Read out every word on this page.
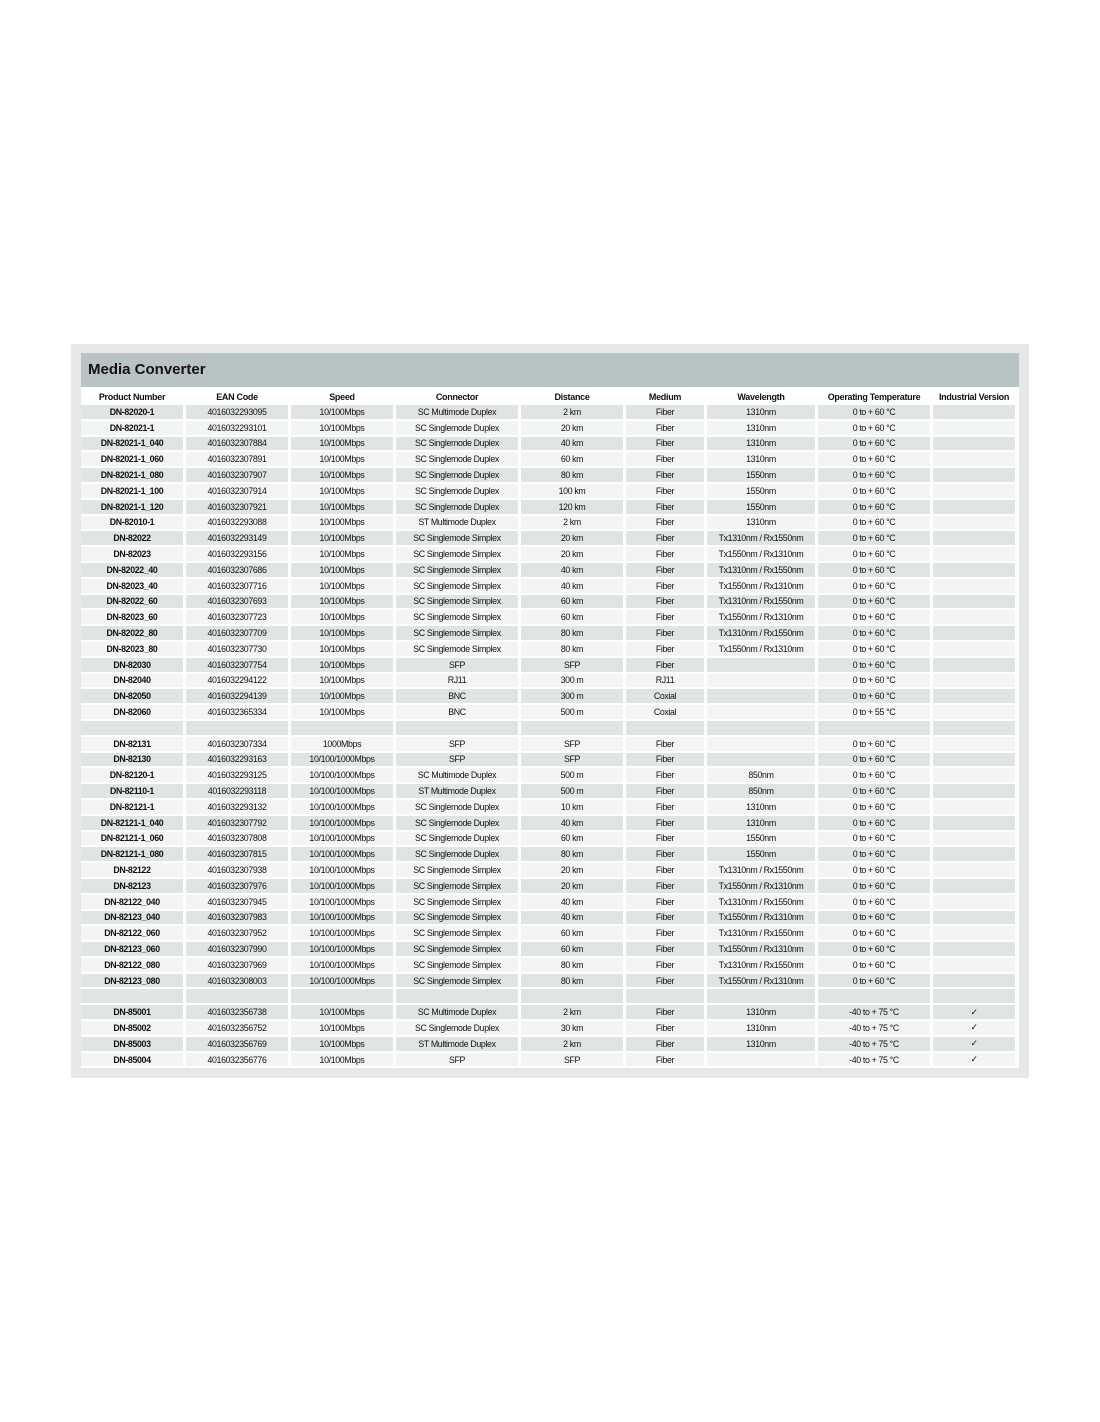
Media Converter
Product Number	EAN Code	Speed	Connector	Distance	Medium	Wavelength	Operating Temperature	Industrial Version
DN-82020-1	4016032293095	10/100Mbps	SC Multimode Duplex	2 km	Fiber	1310nm	0 to + 60 °C	
DN-82021-1	4016032293101	10/100Mbps	SC Singlemode Duplex	20 km	Fiber	1310nm	0 to + 60 °C	
DN-82021-1_040	4016032307884	10/100Mbps	SC Singlemode Duplex	40 km	Fiber	1310nm	0 to + 60 °C	
DN-82021-1_060	4016032307891	10/100Mbps	SC Singlemode Duplex	60 km	Fiber	1310nm	0 to + 60 °C	
DN-82021-1_080	4016032307907	10/100Mbps	SC Singlemode Duplex	80 km	Fiber	1550nm	0 to + 60 °C	
DN-82021-1_100	4016032307914	10/100Mbps	SC Singlemode Duplex	100 km	Fiber	1550nm	0 to + 60 °C	
DN-82021-1_120	4016032307921	10/100Mbps	SC Singlemode Duplex	120 km	Fiber	1550nm	0 to + 60 °C	
DN-82010-1	4016032293088	10/100Mbps	ST Multimode Duplex	2 km	Fiber	1310nm	0 to + 60 °C	
DN-82022	4016032293149	10/100Mbps	SC Singlemode Simplex	20 km	Fiber	Tx1310nm / Rx1550nm	0 to + 60 °C	
DN-82023	4016032293156	10/100Mbps	SC Singlemode Simplex	20 km	Fiber	Tx1550nm / Rx1310nm	0 to + 60 °C	
DN-82022_40	4016032307686	10/100Mbps	SC Singlemode Simplex	40 km	Fiber	Tx1310nm / Rx1550nm	0 to + 60 °C	
DN-82023_40	4016032307716	10/100Mbps	SC Singlemode Simplex	40 km	Fiber	Tx1550nm / Rx1310nm	0 to + 60 °C	
DN-82022_60	4016032307693	10/100Mbps	SC Singlemode Simplex	60 km	Fiber	Tx1310nm / Rx1550nm	0 to + 60 °C	
DN-82023_60	4016032307723	10/100Mbps	SC Singlemode Simplex	60 km	Fiber	Tx1550nm / Rx1310nm	0 to + 60 °C	
DN-82022_80	4016032307709	10/100Mbps	SC Singlemode Simplex	80 km	Fiber	Tx1310nm / Rx1550nm	0 to + 60 °C	
DN-82023_80	4016032307730	10/100Mbps	SC Singlemode Simplex	80 km	Fiber	Tx1550nm / Rx1310nm	0 to + 60 °C	
DN-82030	4016032307754	10/100Mbps	SFP	SFP	Fiber		0 to + 60 °C	
DN-82040	4016032294122	10/100Mbps	RJ11	300 m	RJ11		0 to + 60 °C	
DN-82050	4016032294139	10/100Mbps	BNC	300 m	Coxial		0 to + 60 °C	
DN-82060	4016032365334	10/100Mbps	BNC	500 m	Coxial		0 to + 55 °C	

DN-82131	4016032307334	1000Mbps	SFP	SFP	Fiber		0 to + 60 °C	
DN-82130	4016032293163	10/100/1000Mbps	SFP	SFP	Fiber		0 to + 60 °C	
DN-82120-1	4016032293125	10/100/1000Mbps	SC Multimode Duplex	500 m	Fiber	850nm	0 to + 60 °C	
DN-82110-1	4016032293118	10/100/1000Mbps	ST Multimode Duplex	500 m	Fiber	850nm	0 to + 60 °C	
DN-82121-1	4016032293132	10/100/1000Mbps	SC Singlemode Duplex	10 km	Fiber	1310nm	0 to + 60 °C	
DN-82121-1_040	4016032307792	10/100/1000Mbps	SC Singlemode Duplex	40 km	Fiber	1310nm	0 to + 60 °C	
DN-82121-1_060	4016032307808	10/100/1000Mbps	SC Singlemode Duplex	60 km	Fiber	1550nm	0 to + 60 °C	
DN-82121-1_080	4016032307815	10/100/1000Mbps	SC Singlemode Duplex	80 km	Fiber	1550nm	0 to + 60 °C	
DN-82122	4016032307938	10/100/1000Mbps	SC Singlemode Simplex	20 km	Fiber	Tx1310nm / Rx1550nm	0 to + 60 °C	
DN-82123	4016032307976	10/100/1000Mbps	SC Singlemode Simplex	20 km	Fiber	Tx1550nm / Rx1310nm	0 to + 60 °C	
DN-82122_040	4016032307945	10/100/1000Mbps	SC Singlemode Simplex	40 km	Fiber	Tx1310nm / Rx1550nm	0 to + 60 °C	
DN-82123_040	4016032307983	10/100/1000Mbps	SC Singlemode Simplex	40 km	Fiber	Tx1550nm / Rx1310nm	0 to + 60 °C	
DN-82122_060	4016032307952	10/100/1000Mbps	SC Singlemode Simplex	60 km	Fiber	Tx1310nm / Rx1550nm	0 to + 60 °C	
DN-82123_060	4016032307990	10/100/1000Mbps	SC Singlemode Simplex	60 km	Fiber	Tx1550nm / Rx1310nm	0 to + 60 °C	
DN-82122_080	4016032307969	10/100/1000Mbps	SC Singlemode Simplex	80 km	Fiber	Tx1310nm / Rx1550nm	0 to + 60 °C	
DN-82123_080	4016032308003	10/100/1000Mbps	SC Singlemode Simplex	80 km	Fiber	Tx1550nm / Rx1310nm	0 to + 60 °C	

DN-85001	4016032356738	10/100Mbps	SC Multimode Duplex	2 km	Fiber	1310nm	-40 to + 75 °C	✓
DN-85002	4016032356752	10/100Mbps	SC Singlemode Duplex	30 km	Fiber	1310nm	-40 to + 75 °C	✓
DN-85003	4016032356769	10/100Mbps	ST Multimode Duplex	2 km	Fiber	1310nm	-40 to + 75 °C	✓
DN-85004	4016032356776	10/100Mbps	SFP	SFP	Fiber		-40 to + 75 °C	✓
